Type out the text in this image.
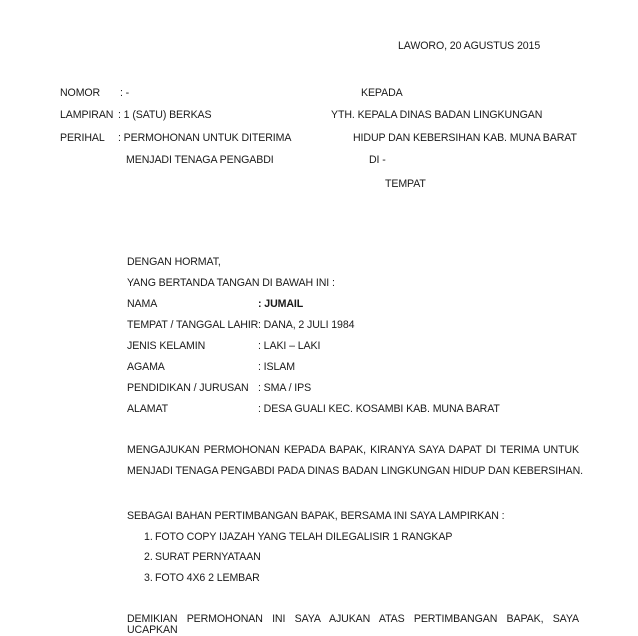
LAWORO, 20 AGUSTUS 2015
NOMOR : -
LAMPIRAN : 1 (SATU) BERKAS
PERIHAL : PERMOHONAN UNTUK DITERIMA
MENJADI TENAGA PENGABDI
KEPADA
YTH. KEPALA DINAS BADAN LINGKUNGAN
HIDUP DAN KEBERSIHAN KAB. MUNA BARAT
DI -
TEMPAT
DENGAN HORMAT,
YANG BERTANDA TANGAN DI BAWAH INI :
NAMA	: JUMAIL
TEMPAT / TANGGAL LAHIR : DANA, 2 JULI 1984
JENIS KELAMIN	: LAKI – LAKI
AGAMA	: ISLAM
PENDIDIKAN / JURUSAN : SMA / IPS
ALAMAT	: DESA GUALI KEC. KOSAMBI KAB. MUNA BARAT
MENGAJUKAN PERMOHONAN KEPADA BAPAK, KIRANYA SAYA DAPAT DI TERIMA UNTUK
MENJADI TENAGA PENGABDI PADA DINAS BADAN LINGKUNGAN HIDUP DAN KEBERSIHAN.
SEBAGAI BAHAN PERTIMBANGAN BAPAK, BERSAMA INI SAYA LAMPIRKAN :
1. FOTO COPY IJAZAH YANG TELAH DILEGALISIR 1 RANGKAP
2. SURAT PERNYATAAN
3. FOTO 4X6 2 LEMBAR
DEMIKIAN PERMOHONAN INI SAYA AJUKAN ATAS PERTIMBANGAN BAPAK, SAYA UCAPKAN
